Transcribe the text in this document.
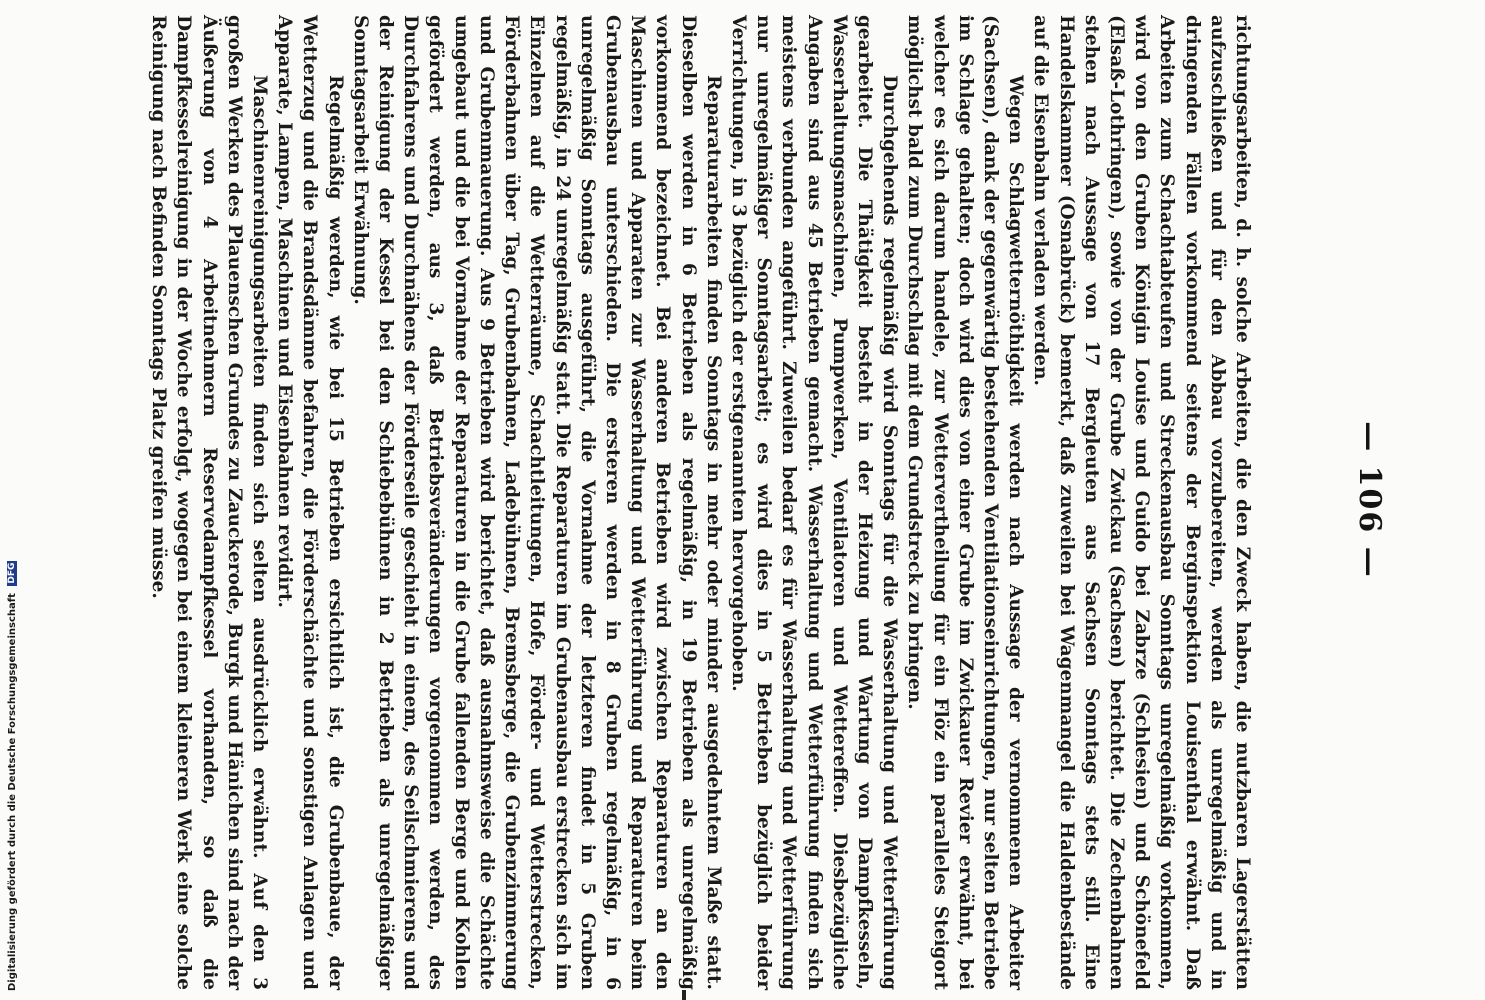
— 106 —

richtungsarbeiten, d. h. solche Arbeiten, die den Zweck haben, die nutzbaren Lagerstätten aufzuschließen und für den Abbau vorzubereiten, werden als unregelmäßig und in dringenden Fällen vorkommend seitens der Berginspektion Louisenthal erwähnt. Daß Arbeiten zum Schachtabteufen und Streckenausbau Sonntags unregelmäßig vorkommen, wird von den Gruben Königin Louise und Guido bei Zabrze (Schlesien) und Schönefeld (Elsaß-Lothringen), sowie von der Grube Zwickau (Sachsen) berichtet. Die Zechenbahnen stehen nach Aussage von 17 Bergleuten aus Sachsen Sonntags stets still. Eine Handelskammer (Osnabrück) bemerkt, daß zuweilen bei Wagenmangel die Haldenbestände auf die Eisenbahn verladen werden.

Wegen Schlagwetternöthigkeit werden nach Aussage der vernommenen Arbeiter (Sachsen), dank der gegenwärtig bestehenden Ventilationseinrichtungen, nur selten Betriebe im Schlage gehalten; doch wird dies von einer Grube im Zwickauer Revier erwähnt, bei welcher es sich darum handele, zur Wettervertheilung für ein Flöz ein paralleles Steigort möglichst bald zum Durchschlag mit dem Grundstreck zu bringen.

Durchgehends regelmäßig wird Sonntags für die Wasserhaltung und Wetterführung gearbeitet. Die Thätigkeit besteht in der Heizung und Wartung von Dampfkesseln, Wasserhaltungsmaschinen, Pumpwerken, Ventilatoren und Wettereffen. Diesbezügliche Angaben sind aus 45 Betrieben gemacht. Wasserhaltung und Wetterführung finden sich meistens verbunden angeführt. Zuweilen bedarf es für Wasserhaltung und Wetterführung nur unregelmäßiger Sonntagsarbeit; es wird dies in 5 Betrieben bezüglich beider Verrichtungen, in 3 bezüglich der erstgenannten hervorgehoben.

Reparaturarbeiten finden Sonntags in mehr oder minder ausgedehntem Maße statt. Dieselben werden in 6 Betrieben als regelmäßig, in 19 Betrieben als unregelmäßig vorkommend bezeichnet. Bei anderen Betrieben wird zwischen Reparaturen an den Maschinen und Apparaten zur Wasserhaltung und Wetterführung und Reparaturen beim Grubenausbau unterschieden. Die ersteren werden in 8 Gruben regelmäßig, in 6 unregelmäßig Sonntags ausgeführt, die Vornahme der letzteren findet in 5 Gruben regelmäßig, in 24 unregelmäßig statt. Die Reparaturen im Grubenausbau erstrecken sich im Einzelnen auf die Wetterräume, Schachtleitungen, Hofe, Förder- und Wetterstrecken, Förderbahnen über Tag, Grubenbahnen, Ladebühnen, Bremsberge, die Grubenzimmerung und Grubenmauerung. Aus 9 Betrieben wird berichtet, daß ausnahmsweise die Schächte umgebaut und die bei Vornahme der Reparaturen in die Grube fallenden Berge und Kohlen gefördert werden, aus 3, daß Betriebsveränderungen vorgenommen werden, des Durchfahrens und Durchnähens der Förderseile geschieht in einem, des Seilschmierens und der Reinigung der Kessel bei den Schiebebühnen in 2 Betrieben als unregelmäßiger Sonntagsarbeit Erwähnung.

Regelmäßig werden, wie bei 15 Betrieben ersichtlich ist, die Grubenbaue, der Wetterzug und die Brandsdämme befahren, die Förderschächte und sonstigen Anlagen und Apparate, Lampen, Maschinen und Eisenbahnen revidirt.

Maschinenreinigungsarbeiten finden sich selten ausdrücklich erwähnt. Auf den 3 großen Werken des Plauenschen Grundes zu Zauckerode, Burgk und Hänichen sind nach der Äußerung von 4 Arbeitnehmern Reservedampfkessel vorhanden, so daß die Dampfkesselreinigung in der Woche erfolgt, wogegen bei einem kleineren Werk eine solche Reinigung nach Befinden Sonntags Platz greifen müsse.

Digitalisierung gefördert durch die Deutsche Forschungsgemeinschaft DFG
